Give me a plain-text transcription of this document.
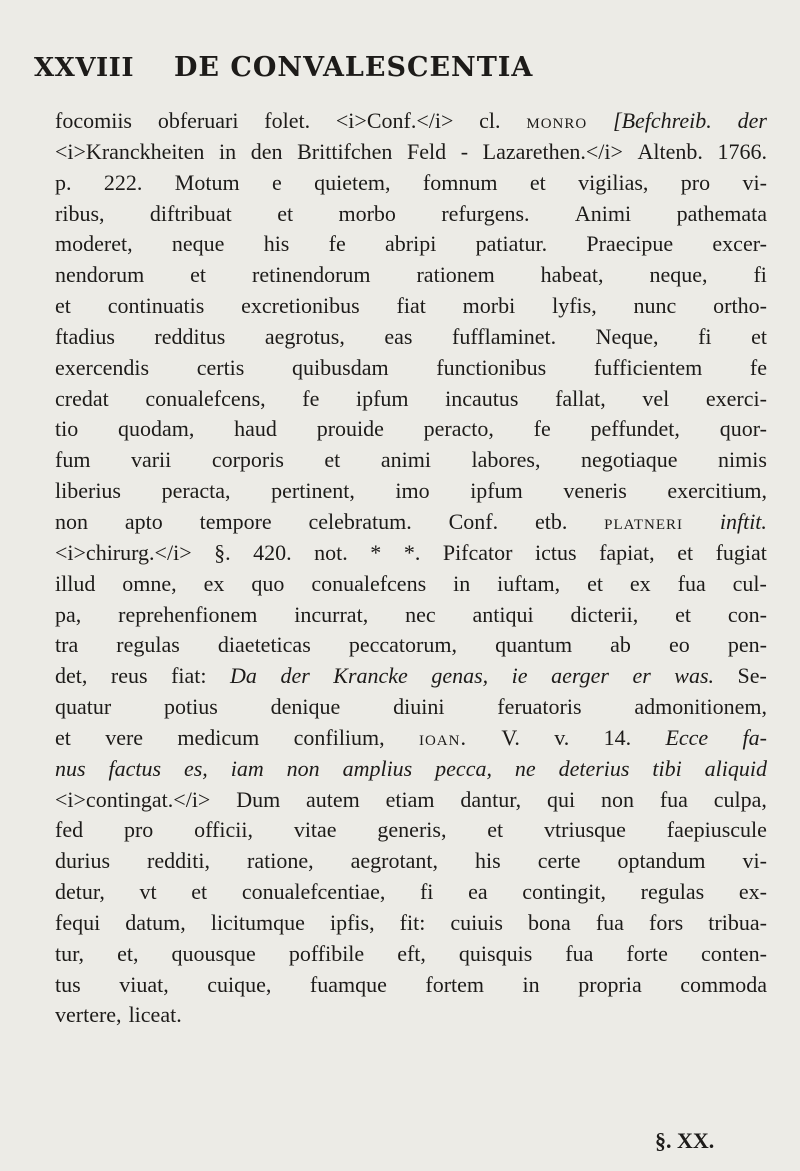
XXVIII DE CONVALESCENTIA
focomiis obferuari folet. <i>Conf.</i> cl. monro [Befchreib. der
<i>Kranckheiten in den Brittifchen Feld - Lazarethen.</i> Altenb. 1766.
p. 222. Motum e quietem, fomnum et vigilias, pro vi-
ribus, diftribuat et morbo refurgens. Animi pathemata
moderet, neque his fe abripi patiatur. Praecipue excer-
nendorum et retinendorum rationem habeat, neque, fi
et continuatis excretionibus fiat morbi lyfis, nunc ortho-
ftadius redditus aegrotus, eas fufflaminet. Neque, fi et
exercendis certis quibusdam functionibus fufficientem fe
credat conualefcens, fe ipfum incautus fallat, vel exerci-
tio quodam, haud prouide peracto, fe peffundet, quor-
fum varii corporis et animi labores, negotiaque nimis
liberius peracta, pertinent, imo ipfum veneris exercitium,
non apto tempore celebratum. Conf. etb. platneri inftit.
<i>chirurg.</i> §. 420. not. * *. Pifcator ictus fapiat, et fugiat
illud omne, ex quo conualefcens in iuftam, et ex fua cul-
pa, reprehenfionem incurrat, nec antiqui dicterii, et con-
tra regulas diaeteticas peccatorum, quantum ab eo pen-
det, reus fiat: Da der Krancke genas, ie aerger er was. Se-
quatur potius denique diuini feruatoris admonitionem,
et vere medicum confilium, ioan. V. v. 14. Ecce fa-
nus factus es, iam non amplius pecca, ne deterius tibi aliquid
<i>contingat.</i> Dum autem etiam dantur, qui non fua culpa,
fed pro officii, vitae generis, et vtriusque faepiuscule
durius redditi, ratione, aegrotant, his certe optandum vi-
detur, vt et conualefcentiae, fi ea contingit, regulas ex-
fequi datum, licitumque ipfis, fit: cuiuis bona fua fors tribua-
tur, et, quousque poffibile eft, quisquis fua forte conten-
tus viuat, cuique, fuamque fortem in propria commoda
vertere, liceat.
§. XX.
